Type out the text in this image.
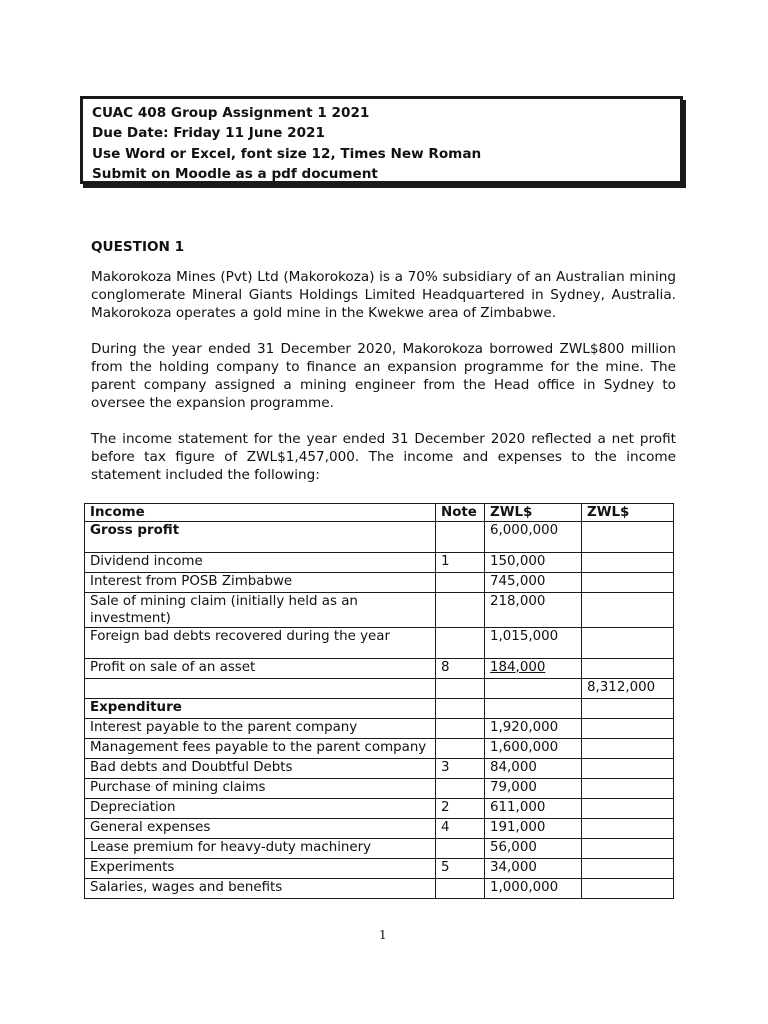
CUAC 408 Group Assignment 1 2021
Due Date: Friday 11 June 2021
Use Word or Excel, font size 12, Times New Roman
Submit on Moodle as a pdf document
QUESTION 1
Makorokoza Mines (Pvt) Ltd (Makorokoza) is a 70% subsidiary of an Australian mining conglomerate Mineral Giants Holdings Limited Headquartered in Sydney, Australia. Makorokoza operates a gold mine in the Kwekwe area of Zimbabwe.
During the year ended 31 December 2020, Makorokoza borrowed ZWL$800 million from the holding company to finance an expansion programme for the mine. The parent company assigned a mining engineer from the Head office in Sydney to oversee the expansion programme.
The income statement for the year ended 31 December 2020 reflected a net profit before tax figure of ZWL$1,457,000. The income and expenses to the income statement included the following:
Income	Note	ZWL$	ZWL$
Gross profit		6,000,000	
Dividend income	1	150,000	
Interest from POSB Zimbabwe		745,000	
Sale of mining claim (initially held as an investment)		218,000	
Foreign bad debts recovered during the year		1,015,000	
Profit on sale of an asset	8	184,000	
			8,312,000
Expenditure			
Interest payable to the parent company		1,920,000	
Management fees payable to the parent company		1,600,000	
Bad debts and Doubtful Debts	3	84,000	
Purchase of mining claims		79,000	
Depreciation	2	611,000	
General expenses	4	191,000	
Lease premium for heavy-duty machinery		56,000	
Experiments	5	34,000	
Salaries, wages and benefits		1,000,000	
1
